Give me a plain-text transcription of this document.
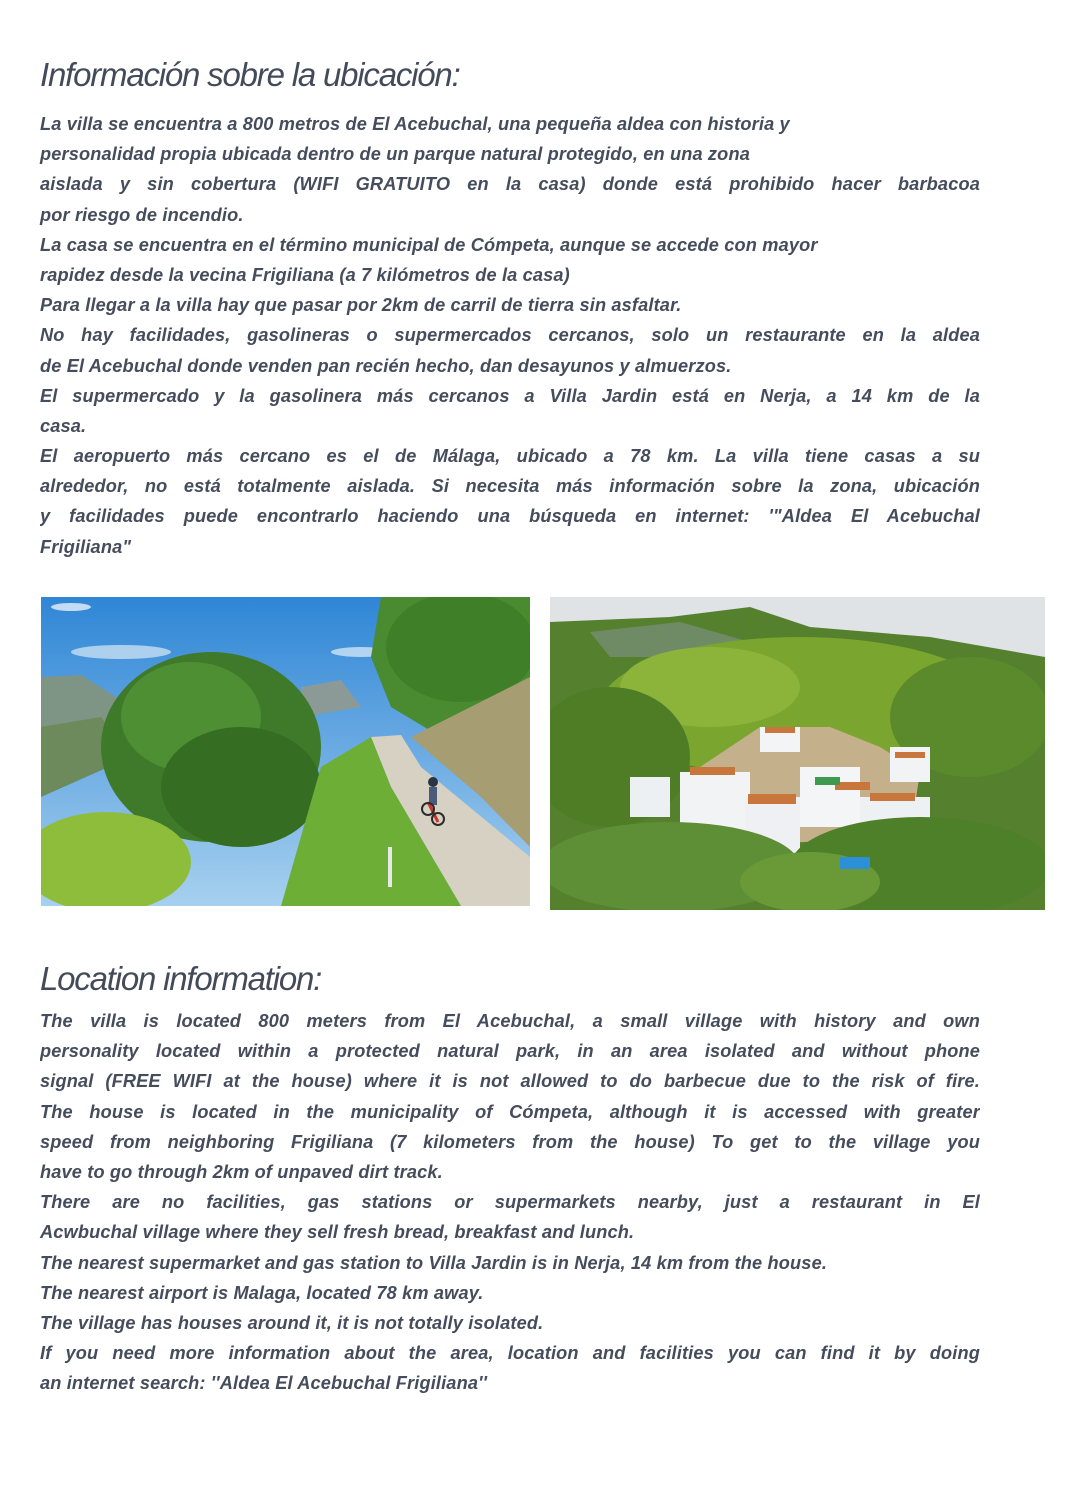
Información sobre la ubicación:
La villa se encuentra a 800 metros de El Acebuchal, una pequeña aldea con historia y
personalidad propia ubicada dentro de un parque natural protegido, en una zona
aislada y sin cobertura (WIFI GRATUITO en la casa) donde está prohibido hacer barbacoa
por riesgo de incendio.
La casa se encuentra en el término municipal de Cómpeta, aunque se accede con mayor
rapidez desde la vecina Frigiliana (a 7 kilómetros de la casa)
Para llegar a la villa hay que pasar por 2km de carril de tierra sin asfaltar.
No hay facilidades, gasolineras o supermercados cercanos, solo un restaurante en la aldea
de El Acebuchal donde venden pan recién hecho, dan desayunos y almuerzos.
El supermercado y la gasolinera más cercanos a Villa Jardin está en Nerja, a 14 km de la
casa.
El aeropuerto más cercano es el de Málaga, ubicado a 78 km. La villa tiene casas a su
alrededor, no está totalmente aislada. Si necesita más información sobre la zona, ubicación
y facilidades puede encontrarlo haciendo una búsqueda en internet: '"Aldea El Acebuchal
Frigiliana"
Location information:
The villa is located 800 meters from El Acebuchal, a small village with history and own
personality located within a protected natural park, in an area isolated and without phone
signal (FREE WIFI at the house) where it is not allowed to do barbecue due to the risk of fire.
The house is located in the municipality of Cómpeta, although it is accessed with greater
speed from neighboring Frigiliana (7 kilometers from the house) To get to the village you
have to go through 2km of unpaved dirt track.
There are no facilities, gas stations or supermarkets nearby, just a restaurant in El
Acwbuchal village where they sell fresh bread, breakfast and lunch.
The nearest supermarket and gas station to Villa Jardin is in Nerja, 14 km from the house.
The nearest airport is Malaga, located 78 km away.
The village has houses around it, it is not totally isolated.
If you need more information about the area, location and facilities you can find it by doing
an internet search: ''Aldea El Acebuchal Frigiliana''
